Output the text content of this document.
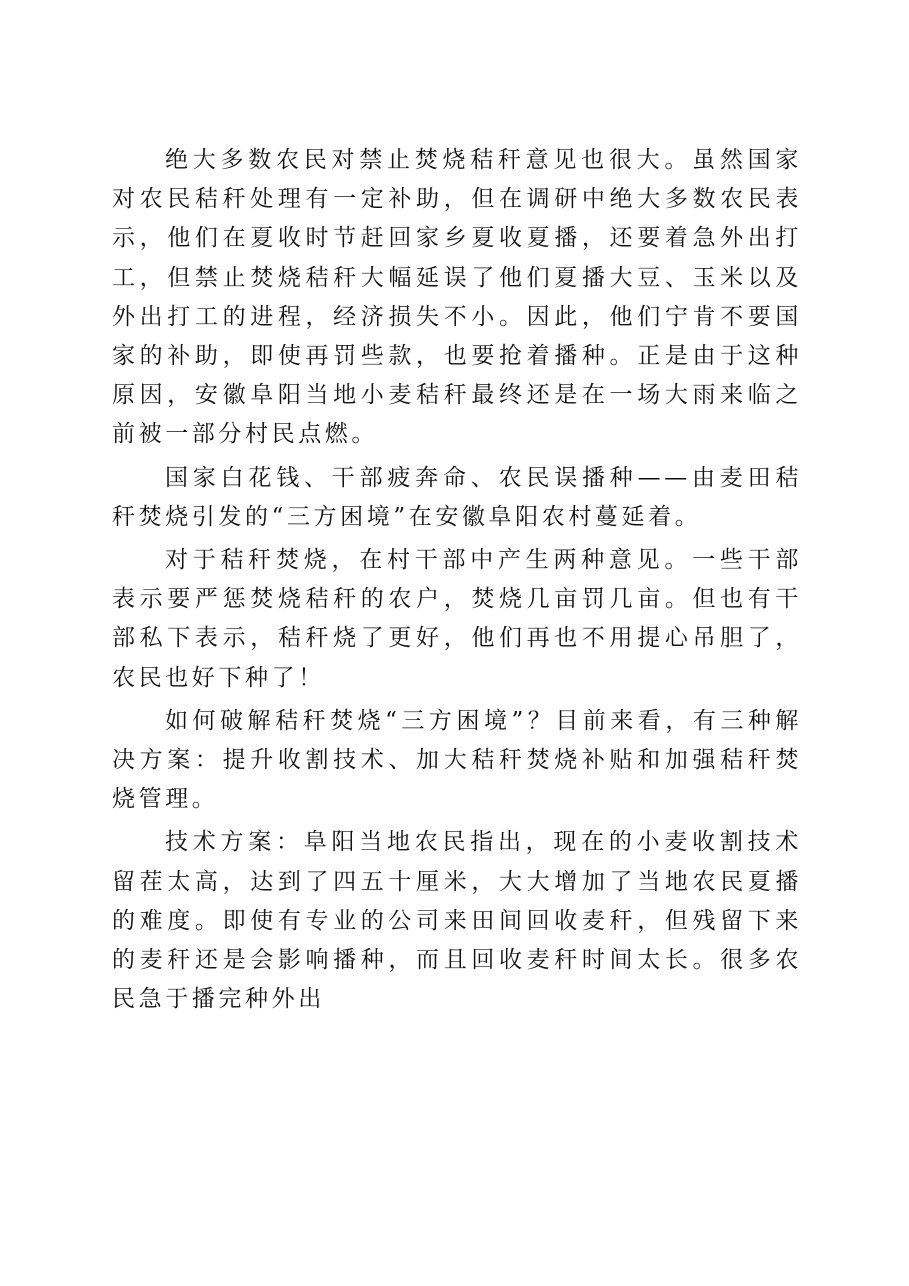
绝大多数农民对禁止焚烧秸秆意见也很大。虽然国家对农民秸秆处理有一定补助，但在调研中绝大多数农民表示，他们在夏收时节赶回家乡夏收夏播，还要着急外出打工，但禁止焚烧秸秆大幅延误了他们夏播大豆、玉米以及外出打工的进程，经济损失不小。因此，他们宁肯不要国家的补助，即使再罚些款，也要抢着播种。正是由于这种原因，安徽阜阳当地小麦秸秆最终还是在一场大雨来临之前被一部分村民点燃。

国家白花钱、干部疲奔命、农民误播种——由麦田秸秆焚烧引发的“三方困境”在安徽阜阳农村蔓延着。

对于秸秆焚烧，在村干部中产生两种意见。一些干部表示要严惩焚烧秸秆的农户，焚烧几亩罚几亩。但也有干部私下表示，秸秆烧了更好，他们再也不用提心吊胆了，农民也好下种了！

如何破解秸秆焚烧“三方困境”？目前来看，有三种解决方案：提升收割技术、加大秸秆焚烧补贴和加强秸秆焚烧管理。

技术方案：阜阳当地农民指出，现在的小麦收割技术留茬太高，达到了四五十厘米，大大增加了当地农民夏播的难度。即使有专业的公司来田间回收麦秆，但残留下来的麦秆还是会影响播种，而且回收麦秆时间太长。很多农民急于播完种外出
